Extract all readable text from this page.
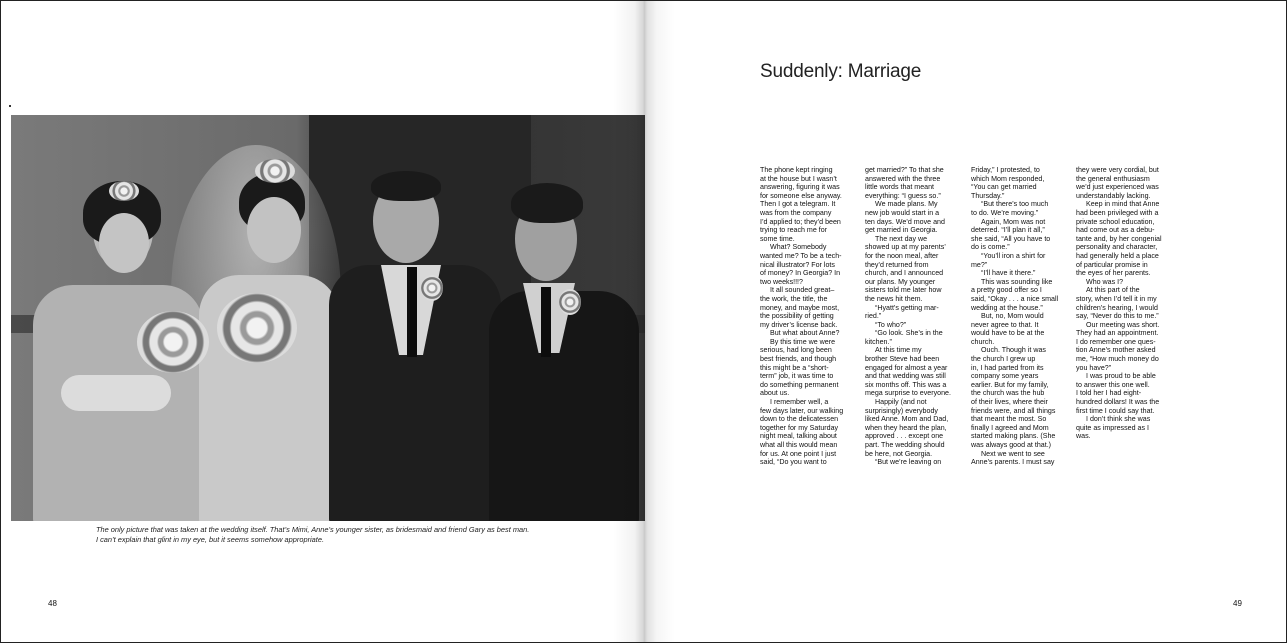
The only picture that was taken at the wedding itself. That’s Mimi, Anne’s younger sister, as bridesmaid and friend Gary as best man.

I can’t explain that glint in my eye, but it seems somehow appropriate.

48
Suddenly: Marriage
The phone kept ringing
at the house but I wasn’t
answering, figuring it was
for someone else anyway.
Then I got a telegram. It
was from the company
I’d applied to; they’d been
trying to reach me for
some time.
What? Somebody
wanted me? To be a tech-
nical illustrator? For lots
of money? In Georgia? In
two weeks!!!?
It all sounded great–
the work, the title, the
money, and maybe most,
the possibility of getting
my driver’s license back.
But what about Anne?
By this time we were
serious, had long been
best friends, and though
this might be a “short-
term” job, it was time to
do something permanent
about us.
I remember well, a
few days later, our walking
down to the delicatessen
together for my Saturday
night meal, talking about
what all this would mean
for us. At one point I just
said, “Do you want to
get married?” To that she
answered with the three
little words that meant
everything: “I guess so.”
We made plans. My
new job would start in a
ten days. We’d move and
get married in Georgia.
The next day we
showed up at my parents’
for the noon meal, after
they’d returned from
church, and I announced
our plans. My younger
sisters told me later how
the news hit them.
“Hyatt’s getting mar-
ried.”
“To who?”
“Go look. She’s in the
kitchen.”
At this time my
brother Steve had been
engaged for almost a year
and that wedding was still
six months off. This was a
mega surprise to everyone.
Happily (and not
surprisingly) everybody
liked Anne. Mom and Dad,
when they heard the plan,
approved . . . except one
part. The wedding should
be here, not Georgia.
“But we’re leaving on
Friday,” I protested, to
which Mom responded,
“You can get married
Thursday.”
“But there’s too much
to do. We’re moving.”
Again, Mom was not
deterred. “I’ll plan it all,”
she said, “All you have to
do is come.”
“You’ll iron a shirt for
me?”
“I’ll have it there.”
This was sounding like
a pretty good offer so I
said, “Okay . . . a nice small
wedding at the house.”
But, no, Mom would
never agree to that. It
would have to be at the
church.
Ouch. Though it was
the church I grew up
in, I had parted from its
company some years
earlier. But for my family,
the church was the hub
of their lives, where their
friends were, and all things
that meant the most. So
finally I agreed and Mom
started making plans. (She
was always good at that.)
Next we went to see
Anne’s parents. I must say
they were very cordial, but
the general enthusiasm
we’d just experienced was
understandably lacking.
Keep in mind that Anne
had been privileged with a
private school education,
had come out as a debu-
tante and, by her congenial
personality and character,
had generally held a place
of particular promise in
the eyes of her parents.
Who was I?
At this part of the
story, when I’d tell it in my
children’s hearing, I would
say, “Never do this to me.”
Our meeting was short.
They had an appointment.
I do remember one ques-
tion Anne’s mother asked
me, “How much money do
you have?”
I was proud to be able
to answer this one well.
I told her I had eight-
hundred dollars! It was the
first time I could say that.
I don’t think she was
quite as impressed as I
was.
49
